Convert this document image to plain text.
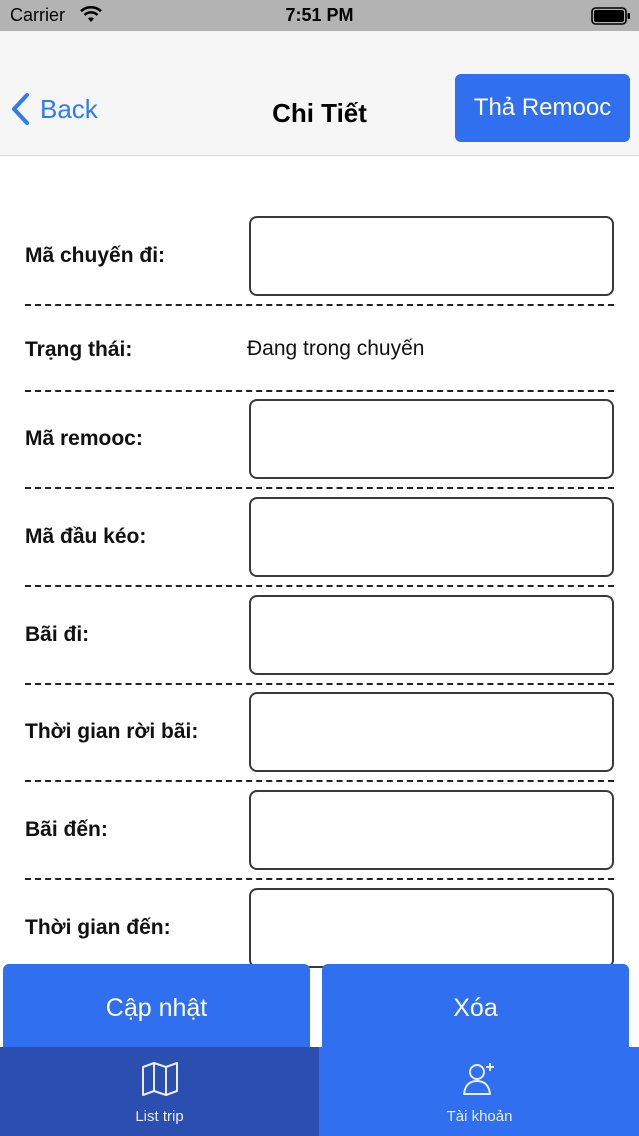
Carrier	7:51 PM
Back	Chi Tiết	Thả Remooc
Mã chuyến đi:
Trạng thái:	Đang trong chuyến
Mã remooc:
Mã đầu kéo:
Bãi đi:
Thời gian rời bãi:
Bãi đến:
Thời gian đến:
Cập nhật	Xóa
List trip	Tài khoản
